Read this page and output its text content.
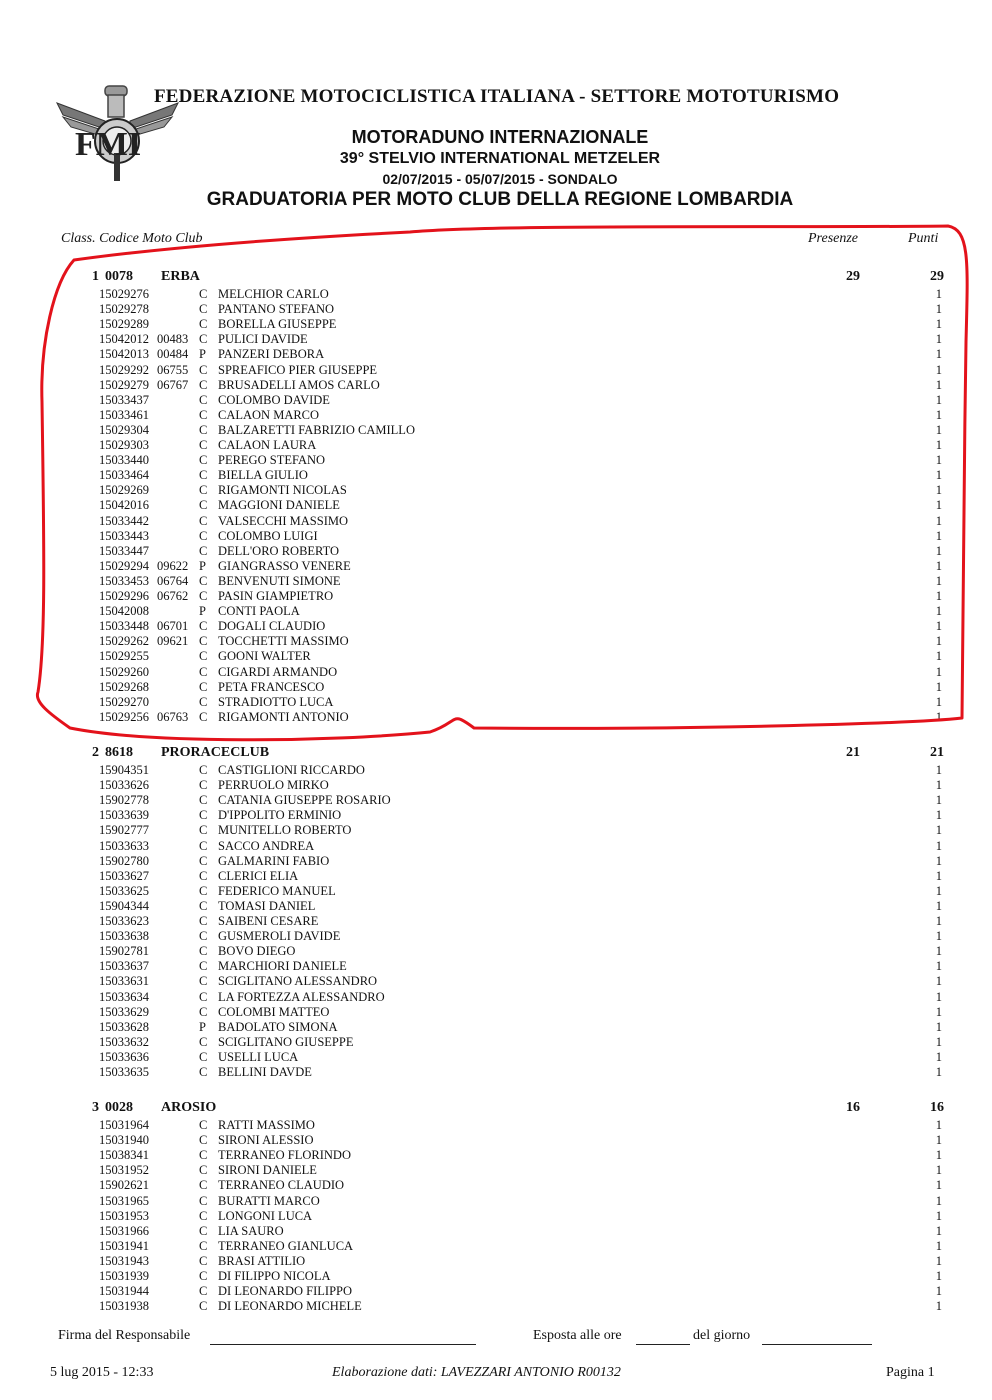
FMI
FEDERAZIONE MOTOCICLISTICA ITALIANA - SETTORE MOTOTURISMO
MOTORADUNO INTERNAZIONALE
39° STELVIO INTERNATIONAL METZELER
02/07/2015 - 05/07/2015 - SONDALO
GRADUATORIA PER MOTO CLUB DELLA REGIONE LOMBARDIA
Class. Codice Moto Club	Presenze	Punti
1 0078 ERBA	29	29
15029276	C MELCHIOR CARLO	1
15029278	C PANTANO STEFANO	1
15029289	C BORELLA GIUSEPPE	1
15042012 00483 C PULICI DAVIDE	1
15042013 00484 P PANZERI DEBORA	1
15029292 06755 C SPREAFICO PIER GIUSEPPE	1
15029279 06767 C BRUSADELLI AMOS CARLO	1
15033437	C COLOMBO DAVIDE	1
15033461	C CALAON MARCO	1
15029304	C BALZARETTI FABRIZIO CAMILLO	1
15029303	C CALAON LAURA	1
15033440	C PEREGO STEFANO	1
15033464	C BIELLA GIULIO	1
15029269	C RIGAMONTI NICOLAS	1
15042016	C MAGGIONI DANIELE	1
15033442	C VALSECCHI MASSIMO	1
15033443	C COLOMBO LUIGI	1
15033447	C DELL'ORO ROBERTO	1
15029294 09622 P GIANGRASSO VENERE	1
15033453 06764 C BENVENUTI SIMONE	1
15029296 06762 C PASIN GIAMPIETRO	1
15042008	P CONTI PAOLA	1
15033448 06701 C DOGALI CLAUDIO	1
15029262 09621 C TOCCHETTI MASSIMO	1
15029255	C GOONI WALTER	1
15029260	C CIGARDI ARMANDO	1
15029268	C PETA FRANCESCO	1
15029270	C STRADIOTTO LUCA	1
15029256 06763 C RIGAMONTI ANTONIO	1
2 8618 PRORACECLUB	21	21
15904351	C CASTIGLIONI RICCARDO	1
15033626	C PERRUOLO MIRKO	1
15902778	C CATANIA GIUSEPPE ROSARIO	1
15033639	C D'IPPOLITO ERMINIO	1
15902777	C MUNITELLO ROBERTO	1
15033633	C SACCO ANDREA	1
15902780	C GALMARINI FABIO	1
15033627	C CLERICI ELIA	1
15033625	C FEDERICO MANUEL	1
15904344	C TOMASI DANIEL	1
15033623	C SAIBENI CESARE	1
15033638	C GUSMEROLI DAVIDE	1
15902781	C BOVO DIEGO	1
15033637	C MARCHIORI DANIELE	1
15033631	C SCIGLITANO ALESSANDRO	1
15033634	C LA FORTEZZA ALESSANDRO	1
15033629	C COLOMBI MATTEO	1
15033628	P BADOLATO SIMONA	1
15033632	C SCIGLITANO GIUSEPPE	1
15033636	C USELLI LUCA	1
15033635	C BELLINI DAVDE	1
3 0028 AROSIO	16	16
15031964	C RATTI MASSIMO	1
15031940	C SIRONI ALESSIO	1
15038341	C TERRANEO FLORINDO	1
15031952	C SIRONI DANIELE	1
15902621	C TERRANEO CLAUDIO	1
15031965	C BURATTI MARCO	1
15031953	C LONGONI LUCA	1
15031966	C LIA SAURO	1
15031941	C TERRANEO GIANLUCA	1
15031943	C BRASI ATTILIO	1
15031939	C DI FILIPPO NICOLA	1
15031944	C DI LEONARDO FILIPPO	1
15031938	C DI LEONARDO MICHELE	1
Firma del Responsabile	Esposta alle ore	del giorno
5 lug 2015 - 12:33	Elaborazione dati: LAVEZZARI ANTONIO R00132	Pagina 1
